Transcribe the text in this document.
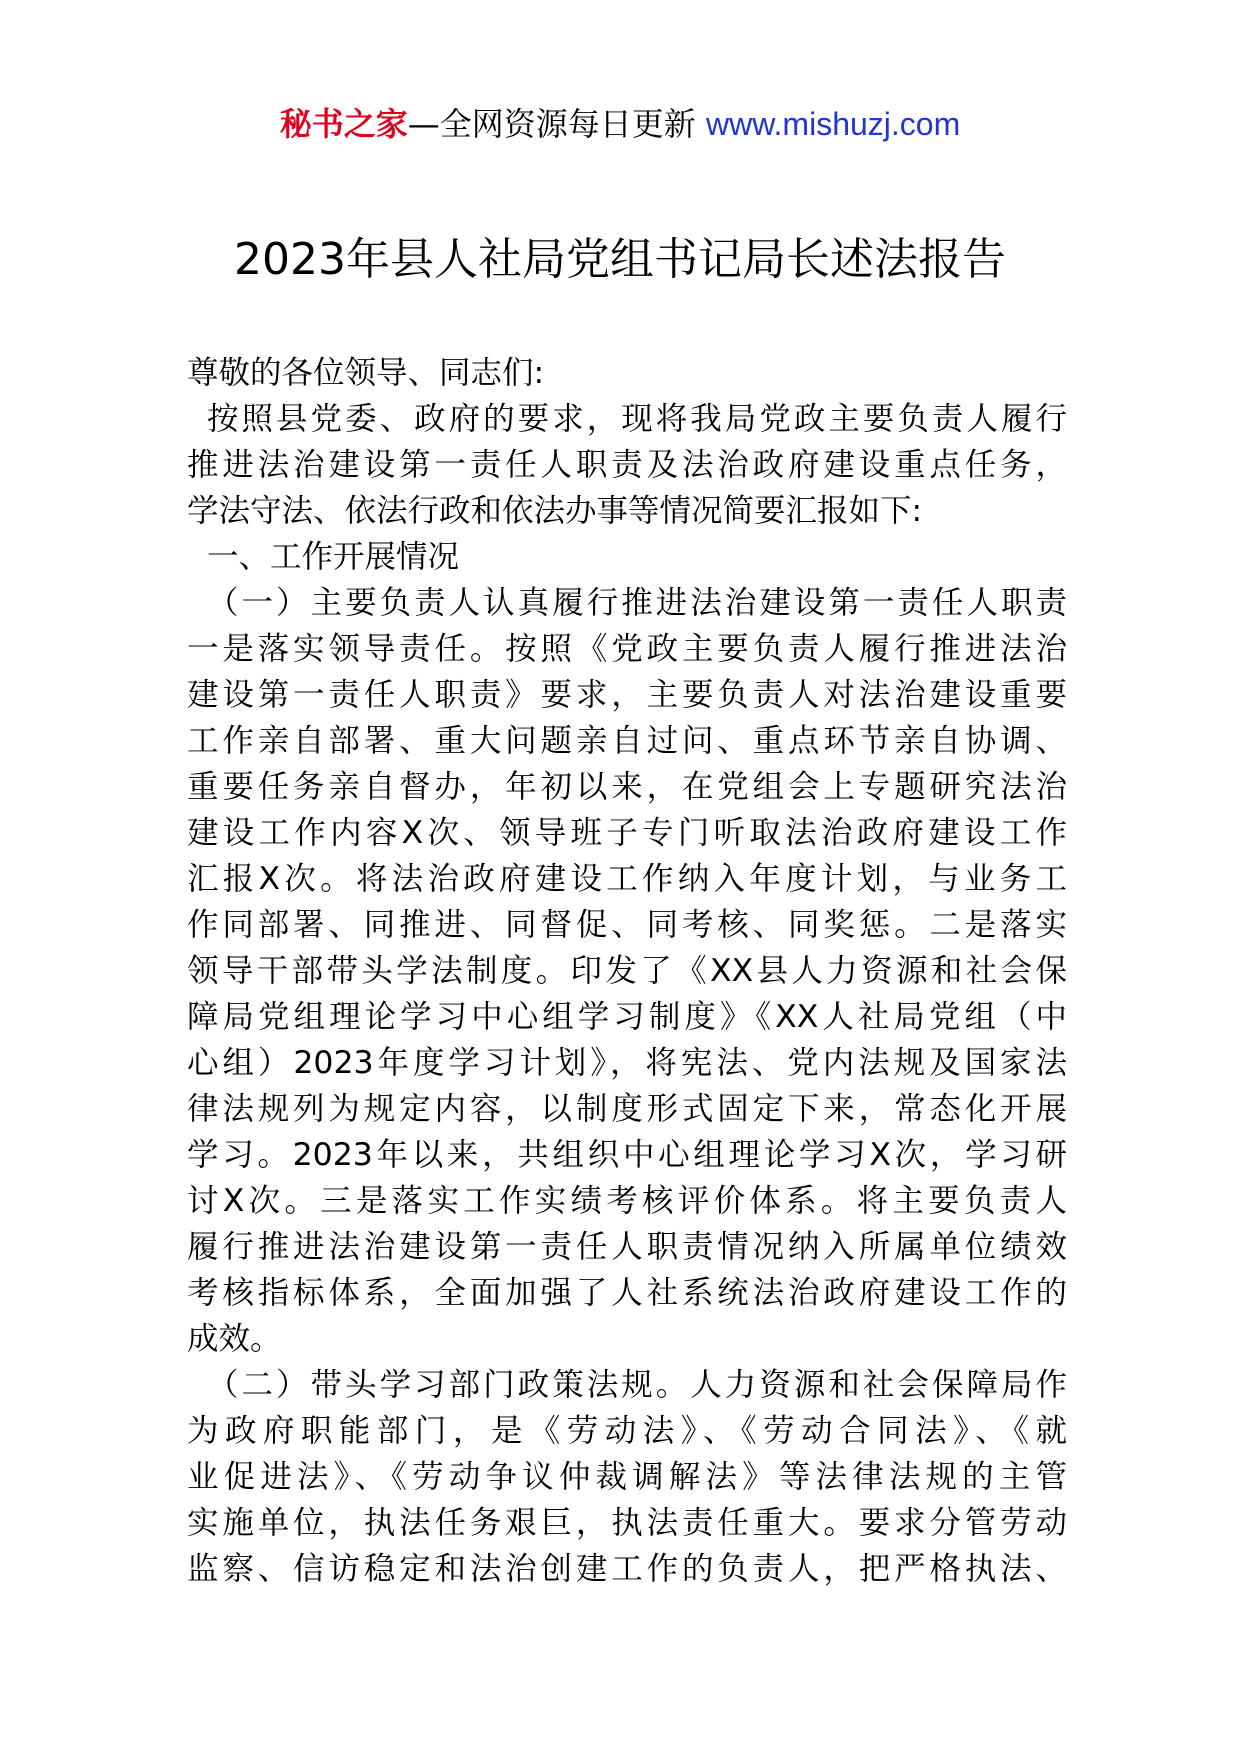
秘书之家—全网资源每日更新 www.mishuzj.com
2023年县人社局党组书记局长述法报告
尊敬的各位领导、同志们:
按照县党委、政府的要求，现将我局党政主要负责人履行
推进法治建设第一责任人职责及法治政府建设重点任务，
学法守法、依法行政和依法办事等情况简要汇报如下:
一、工作开展情况
（一）主要负责人认真履行推进法治建设第一责任人职责
一是落实领导责任。按照《党政主要负责人履行推进法治
建设第一责任人职责》要求，主要负责人对法治建设重要
工作亲自部署、重大问题亲自过问、重点环节亲自协调、
重要任务亲自督办，年初以来，在党组会上专题研究法治
建设工作内容X次、领导班子专门听取法治政府建设工作
汇报X次。将法治政府建设工作纳入年度计划，与业务工
作同部署、同推进、同督促、同考核、同奖惩。二是落实
领导干部带头学法制度。印发了《XX县人力资源和社会保
障局党组理论学习中心组学习制度》《XX人社局党组（中
心组）2023年度学习计划》，将宪法、党内法规及国家法
律法规列为规定内容，以制度形式固定下来，常态化开展
学习。2023年以来，共组织中心组理论学习X次，学习研
讨X次。三是落实工作实绩考核评价体系。将主要负责人
履行推进法治建设第一责任人职责情况纳入所属单位绩效
考核指标体系，全面加强了人社系统法治政府建设工作的
成效。
（二）带头学习部门政策法规。人力资源和社会保障局作
为政府职能部门，是《劳动法》、《劳动合同法》、《就
业促进法》、《劳动争议仲裁调解法》等法律法规的主管
实施单位，执法任务艰巨，执法责任重大。要求分管劳动
监察、信访稳定和法治创建工作的负责人，把严格执法、
